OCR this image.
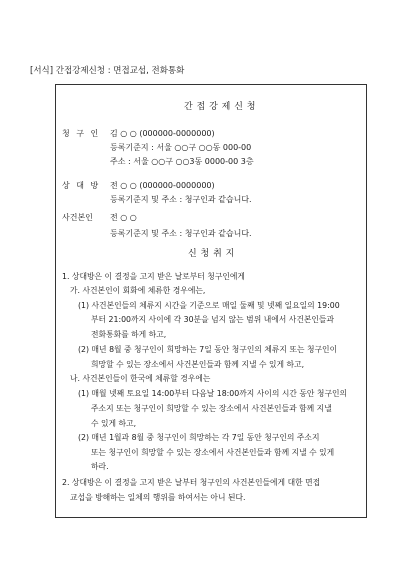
[서식] 간접강제신청 : 면접교섭, 전화통화
간 접 강 제 신 청
청 구 인 김 ○ ○ (000000-0000000)
등록기준지 : 서울 ○○구 ○○동 000-00
주소 : 서울 ○○구 ○○3동 0000-00 3층
상 대 방 전 ○ ○ (000000-0000000)
등록기준지 및 주소 : 청구인과 같습니다.
사건본인 전 ○ ○
등록기준지 및 주소 : 청구인과 같습니다.
신 청 취 지
1. 상대방은 이 결정을 고지 받은 날로부터 청구인에게
가. 사건본인이 회화에 체류한 경우에는,
(1) 사건본인들의 체류지 시간을 기준으로 매일 둘째 및 넷째 일요일의 19:00
부터 21:00까지 사이에 각 30분을 넘지 않는 범위 내에서 사건본인들과
전화통화를 하게 하고,
(2) 매년 8월 중 청구인이 희망하는 7일 동안 청구인의 체류지 또는 청구인이
희망할 수 있는 장소에서 사건본인들과 함께 지낼 수 있게 하고,
나. 사건본인들이 한국에 체류할 경우에는
(1) 매월 넷째 토요일 14:00부터 다음날 18:00까지 사이의 시간 동안 청구인의
주소지 또는 청구인이 희망할 수 있는 장소에서 사건본인들과 함께 지낼
수 있게 하고,
(2) 매년 1월과 8월 중 청구인이 희망하는 각 7일 동안 청구인의 주소지
또는 청구인이 희망할 수 있는 장소에서 사건본인들과 함께 지낼 수 있게
하라.
2. 상대방은 이 결정을 고지 받은 날부터 청구인의 사건본인들에게 대한 면접
교섭을 방해하는 일체의 행위를 하여서는 아니 된다.
